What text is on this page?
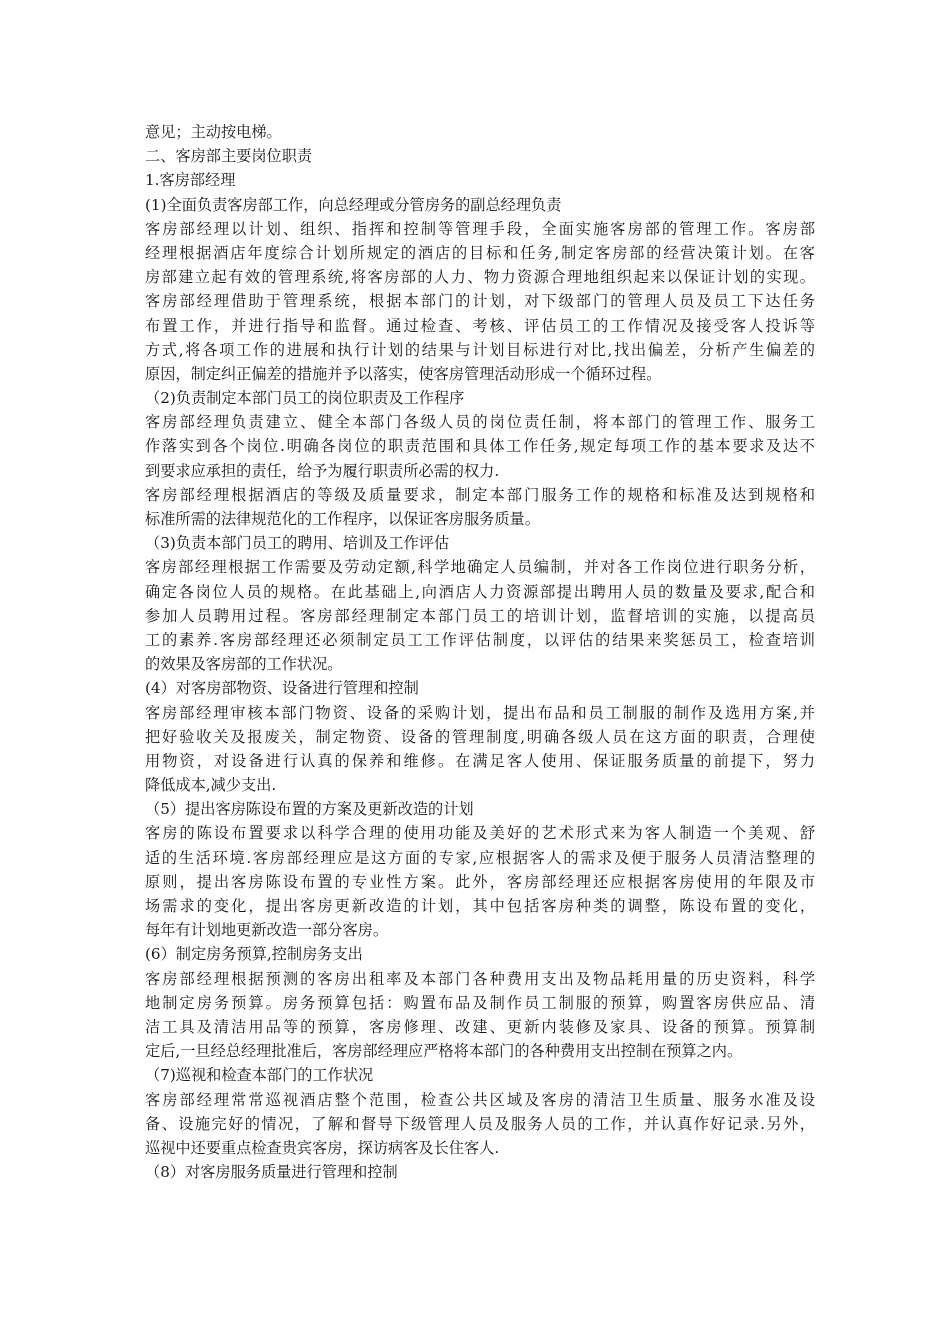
意见；主动按电梯。
二、客房部主要岗位职责
1.客房部经理
(1)全面负责客房部工作，向总经理或分管房务的副总经理负责
客房部经理以计划、组织、指挥和控制等管理手段，全面实施客房部的管理工作。客房部
经理根据酒店年度综合计划所规定的酒店的目标和任务,制定客房部的经营决策计划。在客
房部建立起有效的管理系统,将客房部的人力、物力资源合理地组织起来以保证计划的实现。
客房部经理借助于管理系统，根据本部门的计划，对下级部门的管理人员及员工下达任务
布置工作，并进行指导和监督。通过检查、考核、评估员工的工作情况及接受客人投诉等
方式,将各项工作的进展和执行计划的结果与计划目标进行对比,找出偏差，分析产生偏差的
原因，制定纠正偏差的措施并予以落实，使客房管理活动形成一个循环过程。
（2)负责制定本部门员工的岗位职责及工作程序
客房部经理负责建立、健全本部门各级人员的岗位责任制，将本部门的管理工作、服务工
作落实到各个岗位.明确各岗位的职责范围和具体工作任务,规定每项工作的基本要求及达不
到要求应承担的责任，给予为履行职责所必需的权力.
客房部经理根据酒店的等级及质量要求，制定本部门服务工作的规格和标准及达到规格和
标准所需的法律规范化的工作程序，以保证客房服务质量。
（3)负责本部门员工的聘用、培训及工作评估
客房部经理根据工作需要及劳动定额,科学地确定人员编制，并对各工作岗位进行职务分析，
确定各岗位人员的规格。在此基础上,向酒店人力资源部提出聘用人员的数量及要求,配合和
参加人员聘用过程。客房部经理制定本部门员工的培训计划，监督培训的实施，以提高员
工的素养.客房部经理还必须制定员工工作评估制度，以评估的结果来奖惩员工，检查培训
的效果及客房部的工作状况。
(4）对客房部物资、设备进行管理和控制
客房部经理审核本部门物资、设备的采购计划，提出布品和员工制服的制作及选用方案,并
把好验收关及报废关，制定物资、设备的管理制度,明确各级人员在这方面的职责，合理使
用物资，对设备进行认真的保养和维修。在满足客人使用、保证服务质量的前提下，努力
降低成本,减少支出.
（5）提出客房陈设布置的方案及更新改造的计划
客房的陈设布置要求以科学合理的使用功能及美好的艺术形式来为客人制造一个美观、舒
适的生活环境.客房部经理应是这方面的专家,应根据客人的需求及便于服务人员清洁整理的
原则，提出客房陈设布置的专业性方案。此外，客房部经理还应根据客房使用的年限及市
场需求的变化，提出客房更新改造的计划，其中包括客房种类的调整，陈设布置的变化，
每年有计划地更新改造一部分客房。
(6）制定房务预算,控制房务支出
客房部经理根据预测的客房出租率及本部门各种费用支出及物品耗用量的历史资料，科学
地制定房务预算。房务预算包括：购置布品及制作员工制服的预算，购置客房供应品、清
洁工具及清洁用品等的预算，客房修理、改建、更新内装修及家具、设备的预算。预算制
定后,一旦经总经理批准后，客房部经理应严格将本部门的各种费用支出控制在预算之内。
（7)巡视和检查本部门的工作状况
客房部经理常常巡视酒店整个范围，检查公共区域及客房的清洁卫生质量、服务水准及设
备、设施完好的情况，了解和督导下级管理人员及服务人员的工作，并认真作好记录.另外，
巡视中还要重点检查贵宾客房，探访病客及长住客人.
（8）对客房服务质量进行管理和控制
